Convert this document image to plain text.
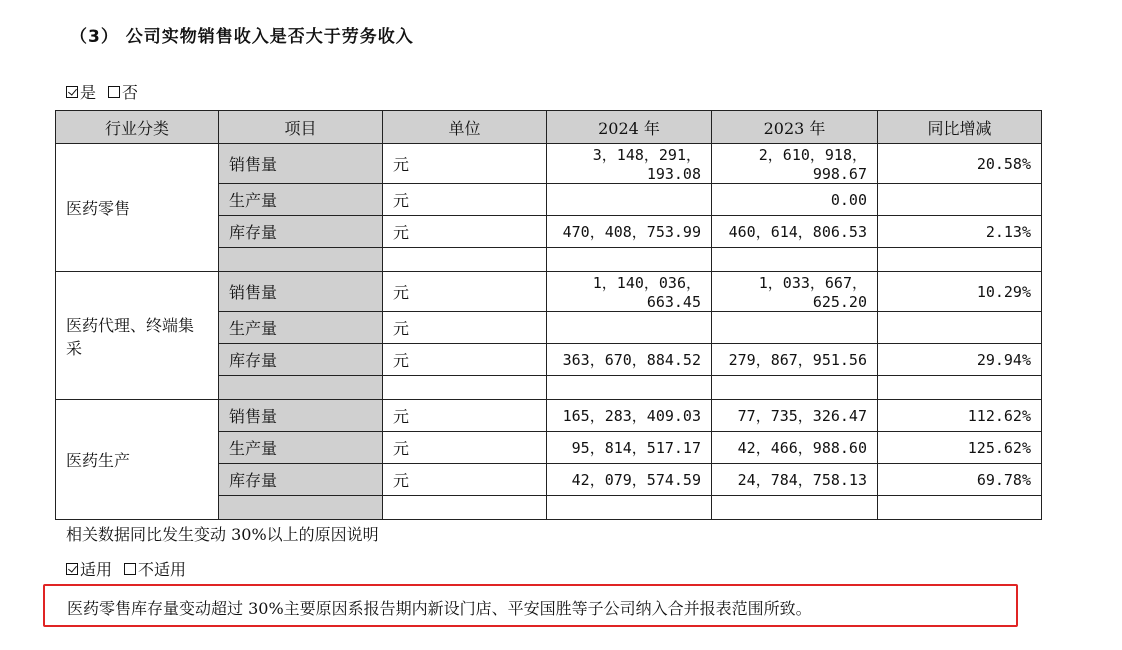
（3） 公司实物销售收入是否大于劳务收入
是 否
行业分类	项目	单位	2024 年	2023 年	同比增减
医药零售	销售量	元	3，148，291，193.08	2，610，918，998.67	20.58%
	生产量	元		0.00	
	库存量	元	470，408，753.99	460，614，806.53	2.13%

医药代理、终端集采	销售量	元	1，140，036，663.45	1，033，667，625.20	10.29%
	生产量	元			
	库存量	元	363，670，884.52	279，867，951.56	29.94%

医药生产	销售量	元	165，283，409.03	77，735，326.47	112.62%
	生产量	元	95，814，517.17	42，466，988.60	125.62%
	库存量	元	42，079，574.59	24，784，758.13	69.78%

相关数据同比发生变动 30%以上的原因说明
适用 不适用
医药零售库存量变动超过 30%主要原因系报告期内新设门店、平安国胜等子公司纳入合并报表范围所致。
